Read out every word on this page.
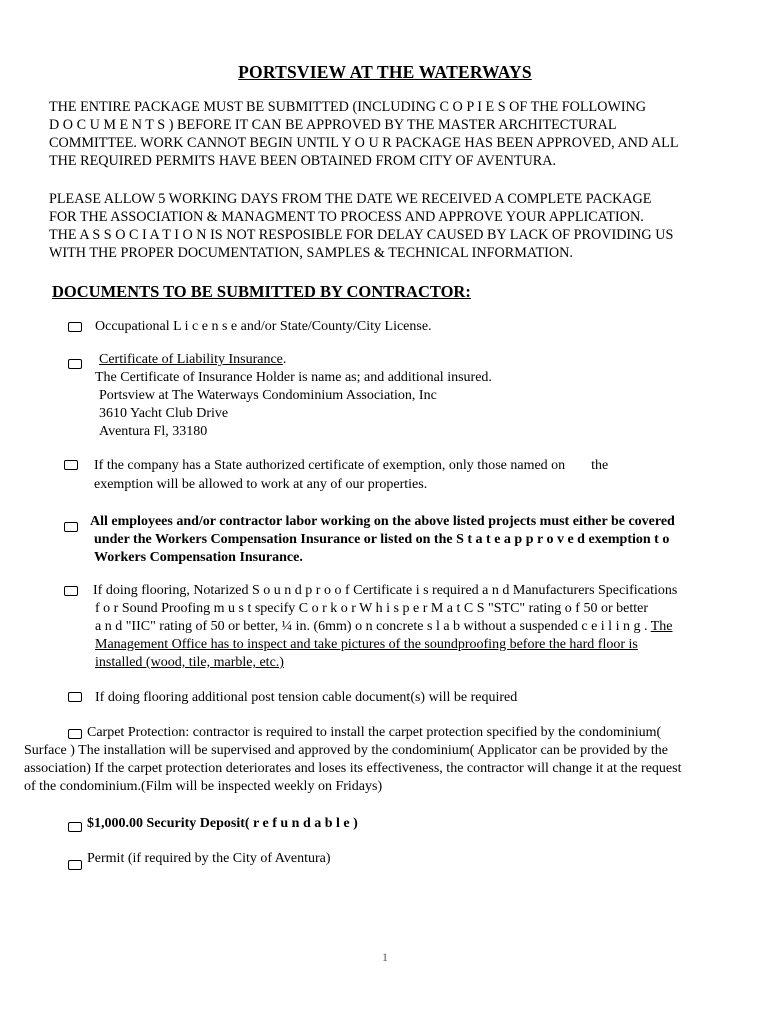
PORTSVIEW AT THE WATERWAYS
THE ENTIRE PACKAGE MUST BE SUBMITTED (INCLUDING C O P I E S OF THE FOLLOWING
D O C U M E N T S ) BEFORE IT CAN BE APPROVED BY THE MASTER ARCHITECTURAL
COMMITTEE. WORK CANNOT BEGIN UNTIL Y O U R PACKAGE HAS BEEN APPROVED, AND ALL
THE REQUIRED PERMITS HAVE BEEN OBTAINED FROM CITY OF AVENTURA.
PLEASE ALLOW 5 WORKING DAYS FROM THE DATE WE RECEIVED A COMPLETE PACKAGE
FOR THE ASSOCIATION & MANAGMENT TO PROCESS AND APPROVE YOUR APPLICATION.
THE A S S O C I A T I O N IS NOT RESPOSIBLE FOR DELAY CAUSED BY LACK OF PROVIDING US
WITH THE PROPER DOCUMENTATION, SAMPLES & TECHNICAL INFORMATION.
DOCUMENTS TO BE SUBMITTED BY CONTRACTOR:
Occupational L i c e n s e and/or State/County/City License.
Certificate of Liability Insurance.
The Certificate of Insurance Holder is name as; and additional insured.
Portsview at The Waterways Condominium Association, Inc
3610 Yacht Club Drive
Aventura Fl, 33180
If the company has a State authorized certificate of exemption, only those named on the
exemption will be allowed to work at any of our properties.
All employees and/or contractor labor working on the above listed projects must either be covered
under the Workers Compensation Insurance or listed on the S t a t e a p p r o v e d exemption t o
Workers Compensation Insurance.
If doing flooring, Notarized S o u n d p r o o f Certificate i s required a n d Manufacturers Specifications
f o r Sound Proofing m u s t specify C o r k o r W h i s p e r M a t C S "STC" rating o f 50 or better
a n d "IIC" rating of 50 or better, ¼ in. (6mm) o n concrete s l a b without a suspended c e i l i n g . The
Management Office has to inspect and take pictures of the soundproofing before the hard floor is
installed (wood, tile, marble, etc.)
If doing flooring additional post tension cable document(s) will be required
Carpet Protection: contractor is required to install the carpet protection specified by the condominium(
Surface ) The installation will be supervised and approved by the condominium( Applicator can be provided by the
association) If the carpet protection deteriorates and loses its effectiveness, the contractor will change it at the request
of the condominium.(Film will be inspected weekly on Fridays)
$1,000.00 Security Deposit( r e f u n d a b l e )
Permit (if required by the City of Aventura)
1
